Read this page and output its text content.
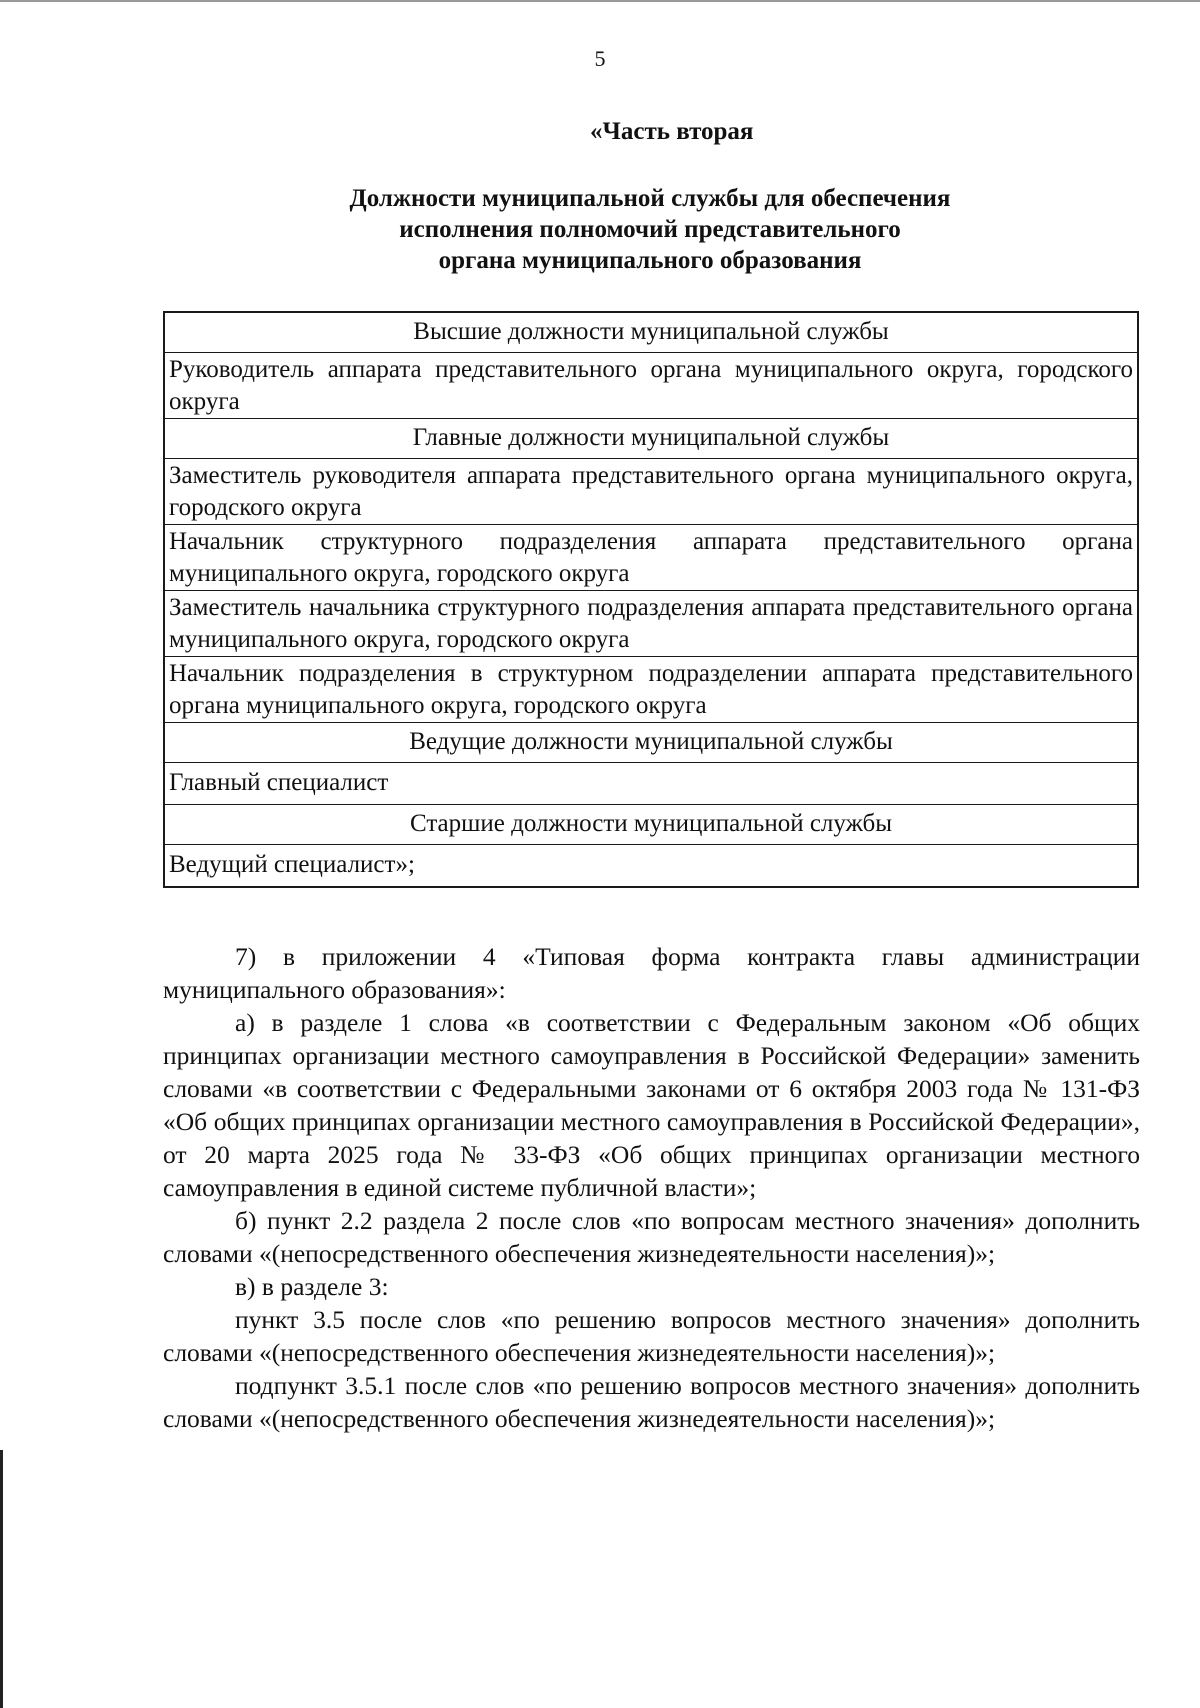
5
«Часть вторая
Должности муниципальной службы для обеспечения
исполнения полномочий представительного
органа муниципального образования
Высшие должности муниципальной службы
Руководитель аппарата представительного органа муниципального округа, городского округа
Главные должности муниципальной службы
Заместитель руководителя аппарата представительного органа муниципального округа, городского округа
Начальник структурного подразделения аппарата представительного органа муниципального округа, городского округа
Заместитель начальника структурного подразделения аппарата представительного органа муниципального округа, городского округа
Начальник подразделения в структурном подразделении аппарата представительного органа муниципального округа, городского округа
Ведущие должности муниципальной службы
Главный специалист
Старшие должности муниципальной службы
Ведущий специалист»;

7) в приложении 4 «Типовая форма контракта главы администрации муниципального образования»:

а) в разделе 1 слова «в соответствии с Федеральным законом «Об общих принципах организации местного самоуправления в Российской Федерации» заменить словами «в соответствии с Федеральными законами от 6 октября 2003 года № 131-ФЗ «Об общих принципах организации местного самоуправления в Российской Федерации», от 20 марта 2025 года № 33-ФЗ «Об общих принципах организации местного самоуправления в единой системе публичной власти»;

б) пункт 2.2 раздела 2 после слов «по вопросам местного значения» дополнить словами «(непосредственного обеспечения жизнедеятельности населения)»;

в) в разделе 3:

пункт 3.5 после слов «по решению вопросов местного значения» дополнить словами «(непосредственного обеспечения жизнедеятельности населения)»;

подпункт 3.5.1 после слов «по решению вопросов местного значения» дополнить словами «(непосредственного обеспечения жизнедеятельности населения)»;
